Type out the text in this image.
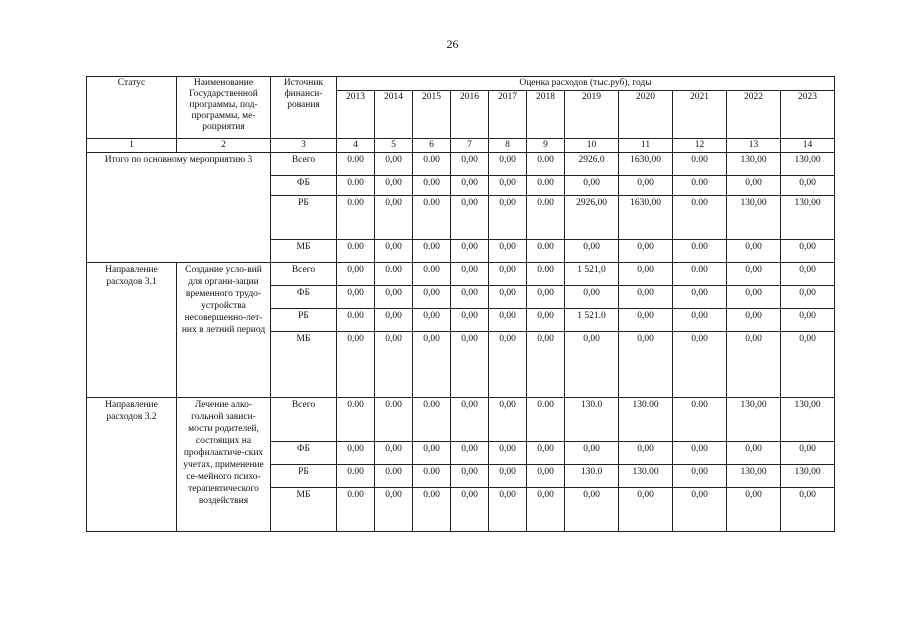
26
Статус	Наименование Государственной программы, под-программы, ме-роприятия	Источник финанси-рования	Оценка расходов (тыс.руб), годы										
			2013	2014	2015	2016	2017	2018	2019	2020	2021	2022	2023
1	2	3	4	5	6	7	8	9	10	11	12	13	14
Итого по основному мероприятию 3		Всего	0.00	0,00	0.00	0,00	0,00	0.00	2926.0	1630,00	0.00	130,00	130,00
		ФБ	0.00	0,00	0.00	0,00	0,00	0.00	0,00	0,00	0.00	0,00	0,00
		РБ	0.00	0,00	0.00	0,00	0,00	0.00	2926,00	1630,00	0.00	130,00	130,00
		МБ	0.00	0,00	0.00	0,00	0,00	0.00	0,00	0,00	0.00	0,00	0,00
Направление расходов 3.1	Создание усло-вий для органи-зации временного трудо-устройства несовершенно-лет-них в летний период	Всего	0,00	0.00	0.00	0,00	0,00	0.00	1 521,0	0,00	0.00	0,00	0,00
		ФБ	0,00	0,00	0,00	0,00	0,00	0,00	0,00	0,00	0,00	0,00	0,00
		РБ	0.00	0,00	0,00	0,00	0,00	0,00	1 521.0	0,00	0,00	0,00	0,00
		МБ	0,00	0,00	0,00	0,00	0,00	0,00	0,00	0,00	0,00	0,00	0,00
Направление расходов 3.2	Лечение алко-гольной зависи-мости родителей, состоящих на профилактиче-ских учетах, применение се-мейного психо-терапевтического воздействия	Всего	0.00	0.00	0.00	0,00	0,00	0.00	130.0	130.00	0.00	130,00	130,00
		ФБ	0,00	0,00	0,00	0,00	0,00	0,00	0,00	0,00	0,00	0,00	0,00
		РБ	0.00	0.00	0.00	0,00	0,00	0,00	130.0	130.00	0,00	130,00	130,00
		МБ	0.00	0,00	0.00	0,00	0,00	0,00	0,00	0,00	0,00	0,00	0,00
